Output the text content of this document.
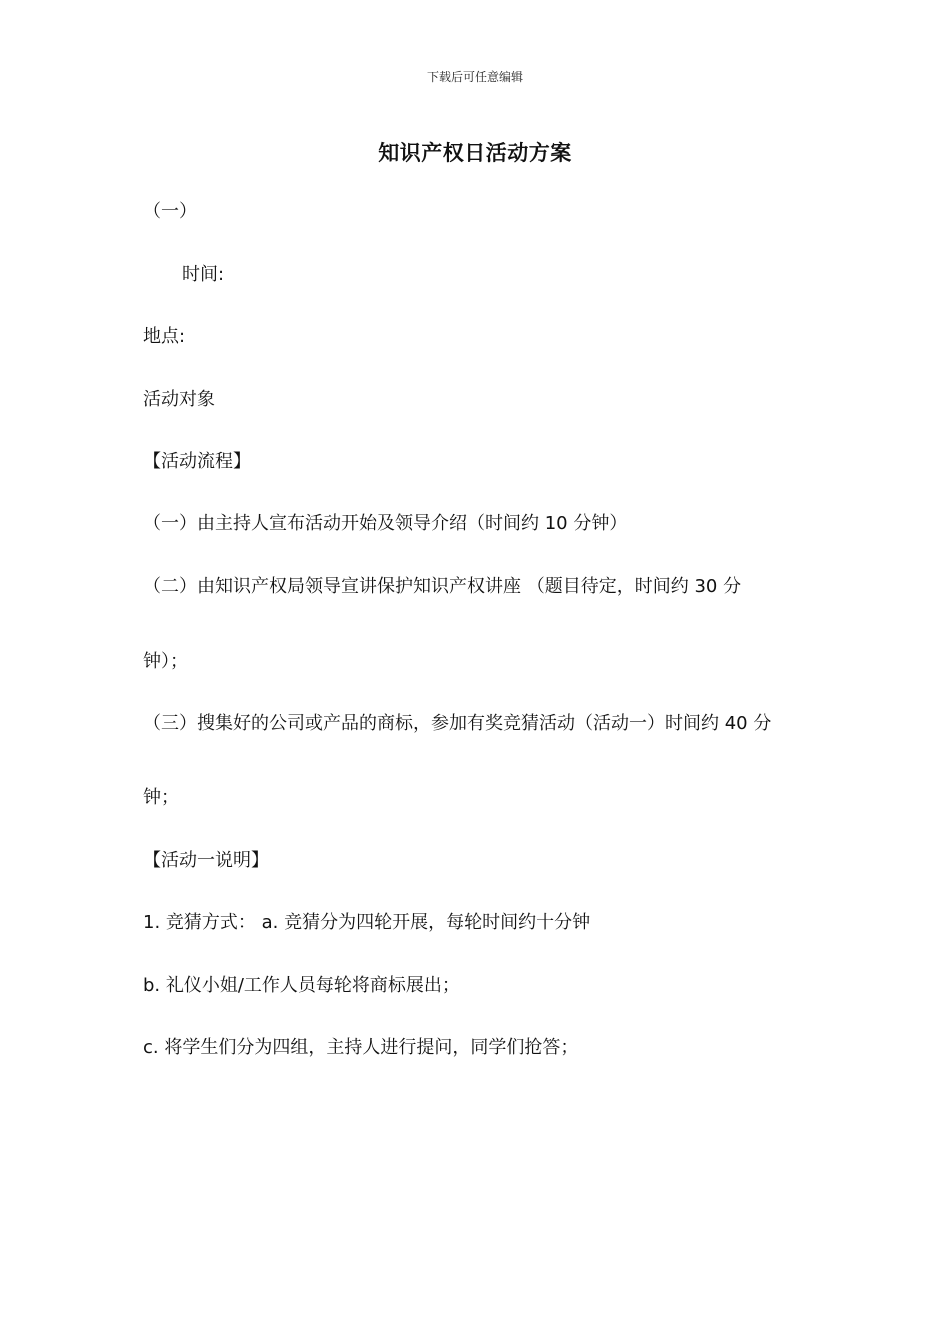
下载后可任意编辑
知识产权日活动方案
（一）
时间:
地点:
活动对象
【活动流程】
（一）由主持人宣布活动开始及领导介绍（时间约 10 分钟）
（二）由知识产权局领导宣讲保护知识产权讲座 （题目待定，时间约 30 分
钟）；
（三）搜集好的公司或产品的商标，参加有奖竞猜活动（活动一）时间约 40 分
钟；
【活动一说明】
1. 竞猜方式： a. 竞猜分为四轮开展，每轮时间约十分钟
b. 礼仪小姐/工作人员每轮将商标展出；
c. 将学生们分为四组，主持人进行提问，同学们抢答；
